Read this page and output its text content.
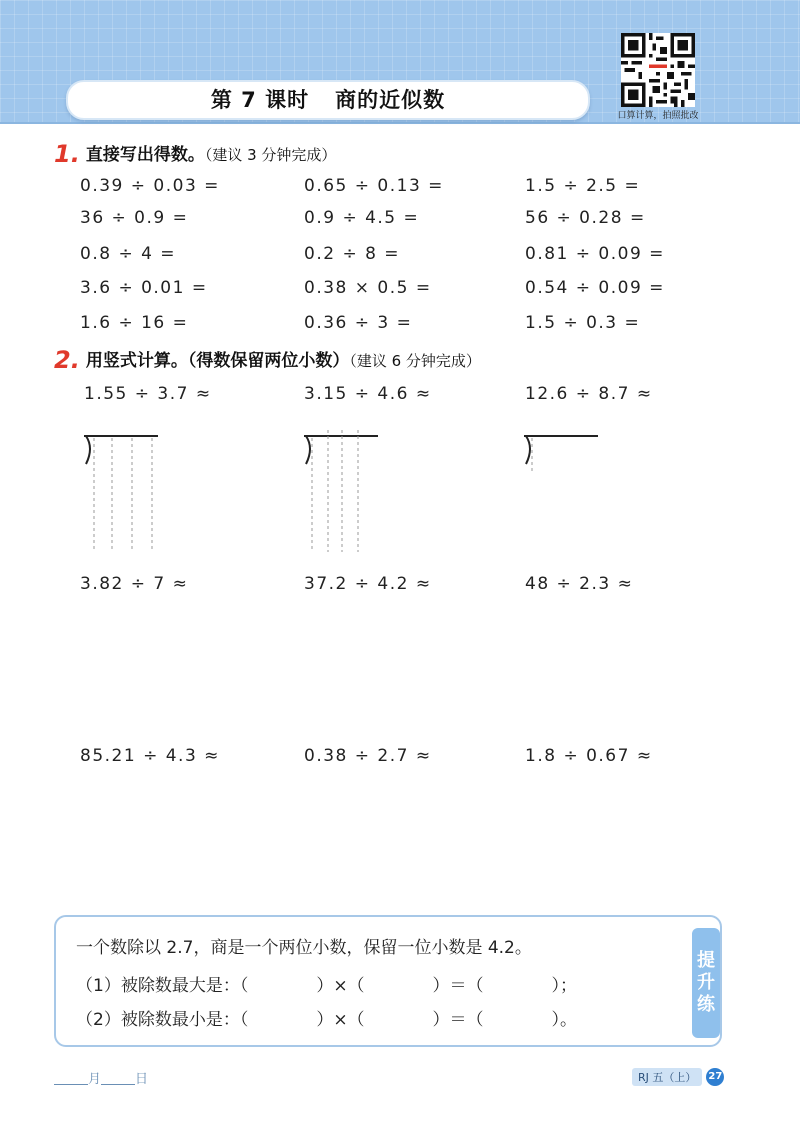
第 7 课时 商的近似数
口算计算，拍照批改
1. 直接写出得数。（建议 3 分钟完成）
0.39 ÷ 0.03 =	0.65 ÷ 0.13 =	1.5 ÷ 2.5 =
36 ÷ 0.9 =	0.9 ÷ 4.5 =	56 ÷ 0.28 =
0.8 ÷ 4 =	0.2 ÷ 8 =	0.81 ÷ 0.09 =
3.6 ÷ 0.01 =	0.38 × 0.5 =	0.54 ÷ 0.09 =
1.6 ÷ 16 =	0.36 ÷ 3 =	1.5 ÷ 0.3 =
2. 用竖式计算。（得数保留两位小数）（建议 6 分钟完成）
1.55 ÷ 3.7 ≈	3.15 ÷ 4.6 ≈	12.6 ÷ 8.7 ≈
3.82 ÷ 7 ≈	37.2 ÷ 4.2 ≈	48 ÷ 2.3 ≈
85.21 ÷ 4.3 ≈	0.38 ÷ 2.7 ≈	1.8 ÷ 0.67 ≈
一个数除以 2.7，商是一个两位小数，保留一位小数是 4.2。
（1）被除数最大是：（　　　　）×（　　　　）＝（　　　　）；
（2）被除数最小是：（　　　　）×（　　　　）＝（　　　　）。
提
升
练
月	日	RJ 五（上）	27
